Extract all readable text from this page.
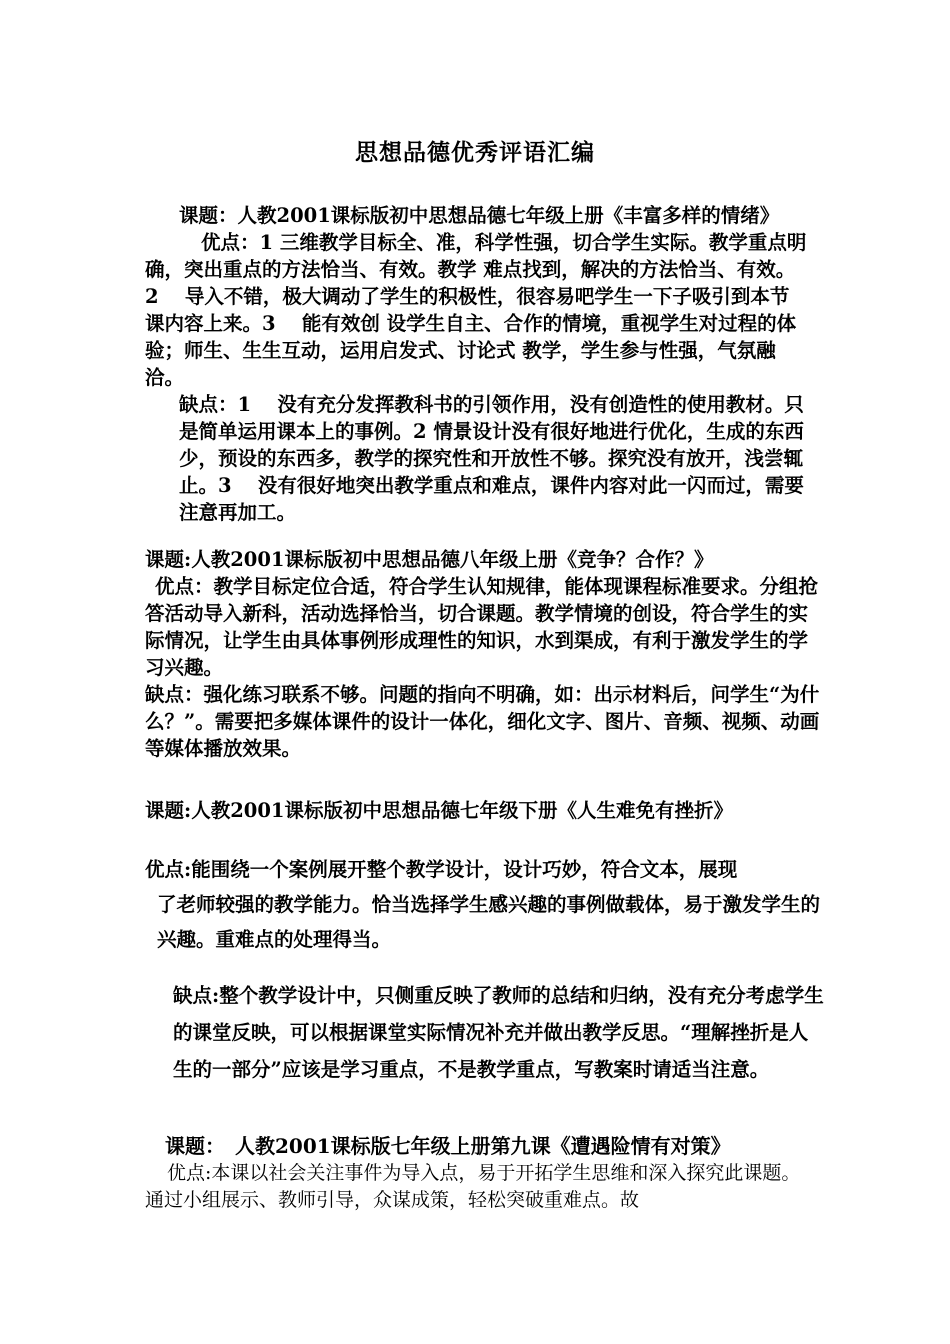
思想品德优秀评语汇编

课题：人教2001课标版初中思想品德七年级上册《丰富多样的情绪》

优点：1 三维教学目标全、准，科学性强，切合学生实际。教学重点明确，突出重点的方法恰当、有效。教学 难点找到，解决的方法恰当、有效。2　 导入不错，极大调动了学生的积极性，很容易吧学生一下子吸引到本节课内容上来。3　 能有效创 设学生自主、合作的情境，重视学生对过程的体验；师生、生生互动，运用启发式、讨论式 教学，学生参与性强，气氛融洽。

缺点：1　 没有充分发挥教科书的引领作用，没有创造性的使用教材。只是简单运用课本上的事例。2 情景设计没有很好地进行优化，生成的东西少，预设的东西多，教学的探究性和开放性不够。探究没有放开，浅尝辄止。3　 没有很好地突出教学重点和难点，课件内容对此一闪而过，需要注意再加工。

课题:人教2001课标版初中思想品德八年级上册《竞争？合作？》

优点：教学目标定位合适，符合学生认知规律，能体现课程标准要求。分组抢答活动导入新科，活动选择恰当，切合课题。教学情境的创设，符合学生的实际情况，让学生由具体事例形成理性的知识，水到渠成，有利于激发学生的学习兴趣。

缺点：强化练习联系不够。问题的指向不明确，如：出示材料后，问学生“为什么？”。需要把多媒体课件的设计一体化，细化文字、图片、音频、视频、动画等媒体播放效果。

课题:人教2001课标版初中思想品德七年级下册《人生难免有挫折》

优点:能围绕一个案例展开整个教学设计，设计巧妙，符合文本，展现

了老师较强的教学能力。恰当选择学生感兴趣的事例做载体，易于激发学生的兴趣。重难点的处理得当。

缺点:整个教学设计中，只侧重反映了教师的总结和归纳，没有充分考虑学生的课堂反映，可以根据课堂实际情况补充并做出教学反思。“理解挫折是人生的一部分”应该是学习重点，不是教学重点，写教案时请适当注意。

课题：　人教2001课标版七年级上册第九课《遭遇险情有对策》

优点:本课以社会关注事件为导入点，易于开拓学生思维和深入探究此课题。通过小组展示、教师引导，众谋成策，轻松突破重难点。故
